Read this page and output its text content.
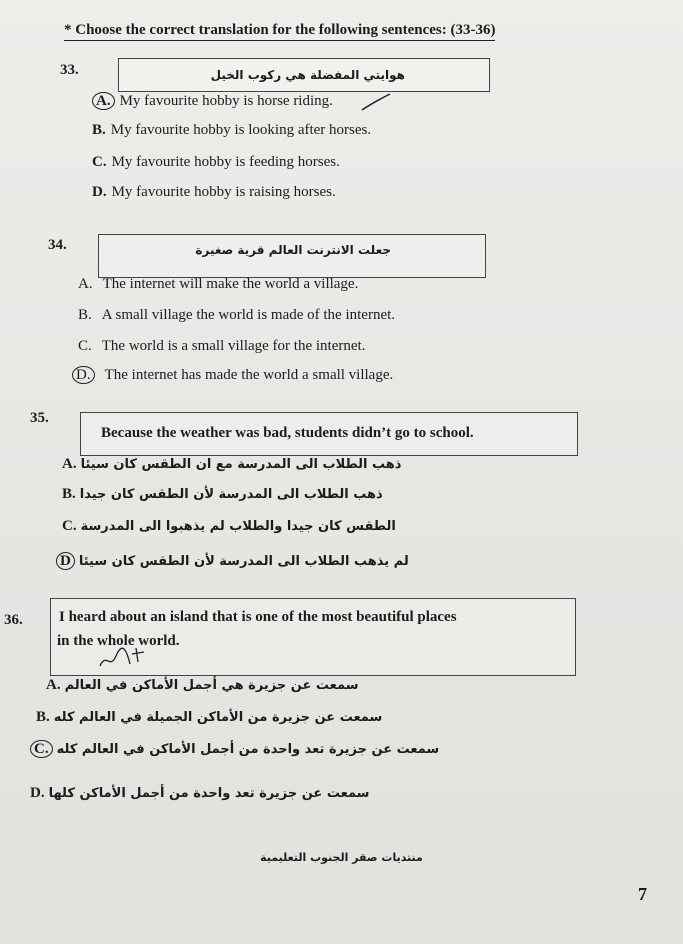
* Choose the correct translation for the following sentences: (33-36)
33.	هوايتي المفضلة هي ركوب الخيل
A. My favourite hobby is horse riding.
B. My favourite hobby is looking after horses.
C. My favourite hobby is feeding horses.
D. My favourite hobby is raising horses.
34.	جعلت الانترنت العالم قرية صغيرة
A. The internet will make the world a village.
B. A small village the world is made of the internet.
C. The world is a small village for the internet.
D. The internet has made the world a small village.
35.
Because the weather was bad, students didn’t go to school.
A. ذهب الطلاب الى المدرسة مع ان الطقس كان سيئا
B. ذهب الطلاب الى المدرسة لأن الطقس كان جيدا
C. الطقس كان جيدا والطلاب لم يذهبوا الى المدرسة
D لم يذهب الطلاب الى المدرسة لأن الطقس كان سيئا
36. I heard about an island that is one of the most beautiful places
in the whole world.
A. سمعت عن جزيرة هي أجمل الأماكن في العالم
B. سمعت عن جزيرة من الأماكن الجميلة في العالم كله
C. سمعت عن جزيرة تعد واحدة من أجمل الأماكن في العالم كله
D. سمعت عن جزيرة تعد واحدة من أجمل الأماكن كلها
منتديات صقر الجنوب التعليمية
7
